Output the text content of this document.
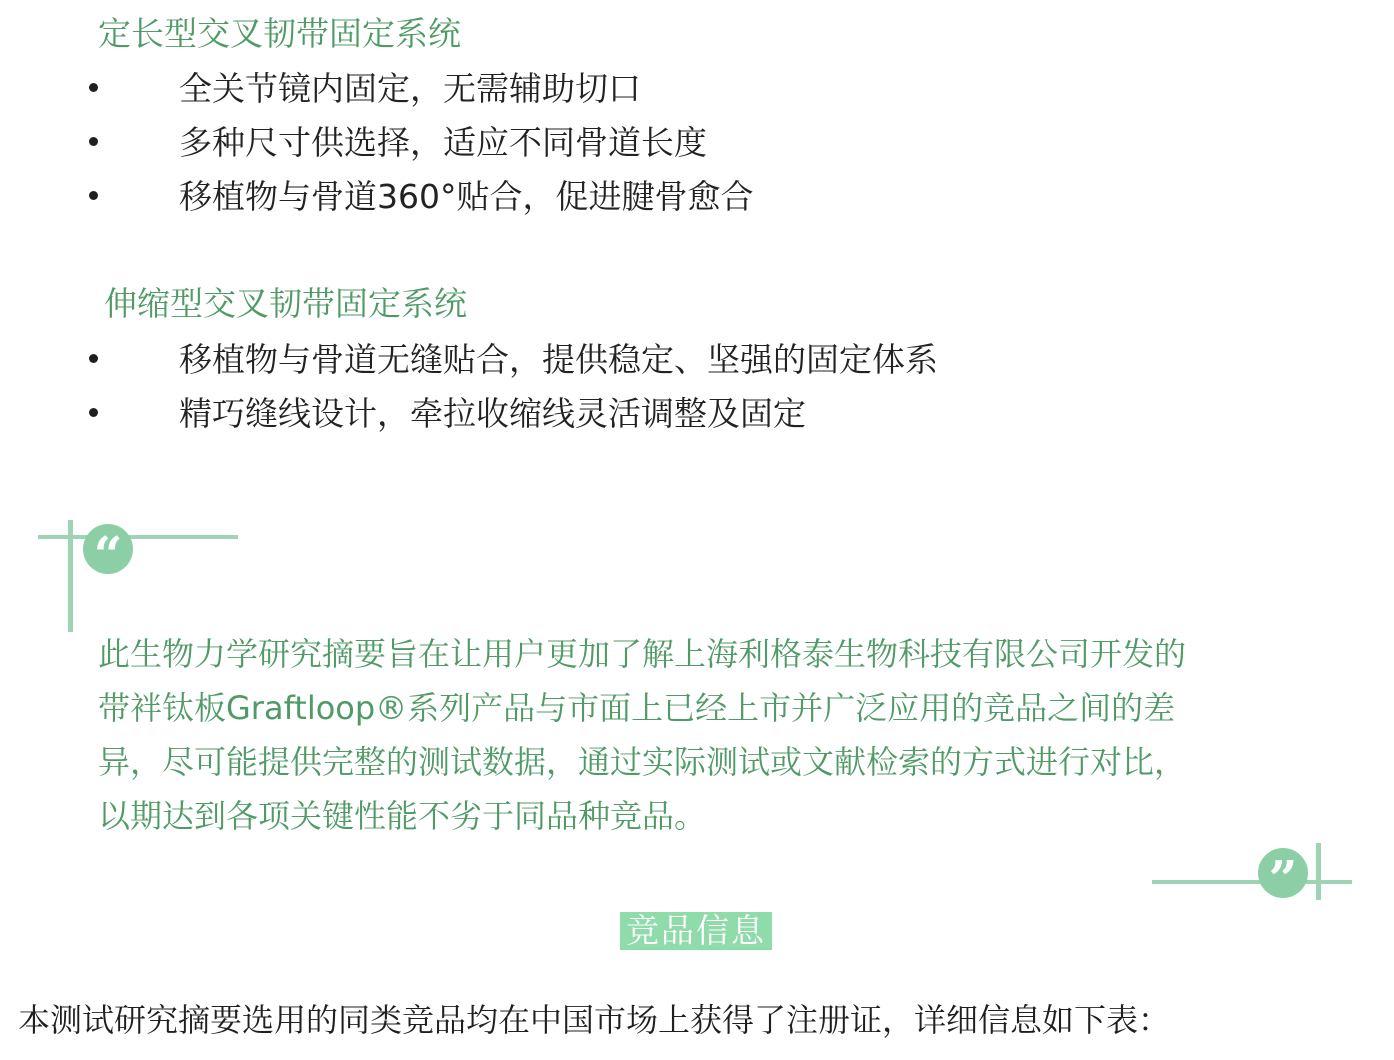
定长型交叉韧带固定系统
全关节镜内固定，无需辅助切口
多种尺寸供选择，适应不同骨道长度
移植物与骨道360°贴合，促进腱骨愈合
伸缩型交叉韧带固定系统
移植物与骨道无缝贴合，提供稳定、坚强的固定体系
精巧缝线设计，牵拉收缩线灵活调整及固定
“
”
此生物力学研究摘要旨在让用户更加了解上海利格泰生物科技有限公司开发的
带袢钛板Graftloop®系列产品与市面上已经上市并广泛应用的竞品之间的差
异，尽可能提供完整的测试数据，通过实际测试或文献检索的方式进行对比，
以期达到各项关键性能不劣于同品种竞品。
竞品信息
本测试研究摘要选用的同类竞品均在中国市场上获得了注册证，详细信息如下表：
